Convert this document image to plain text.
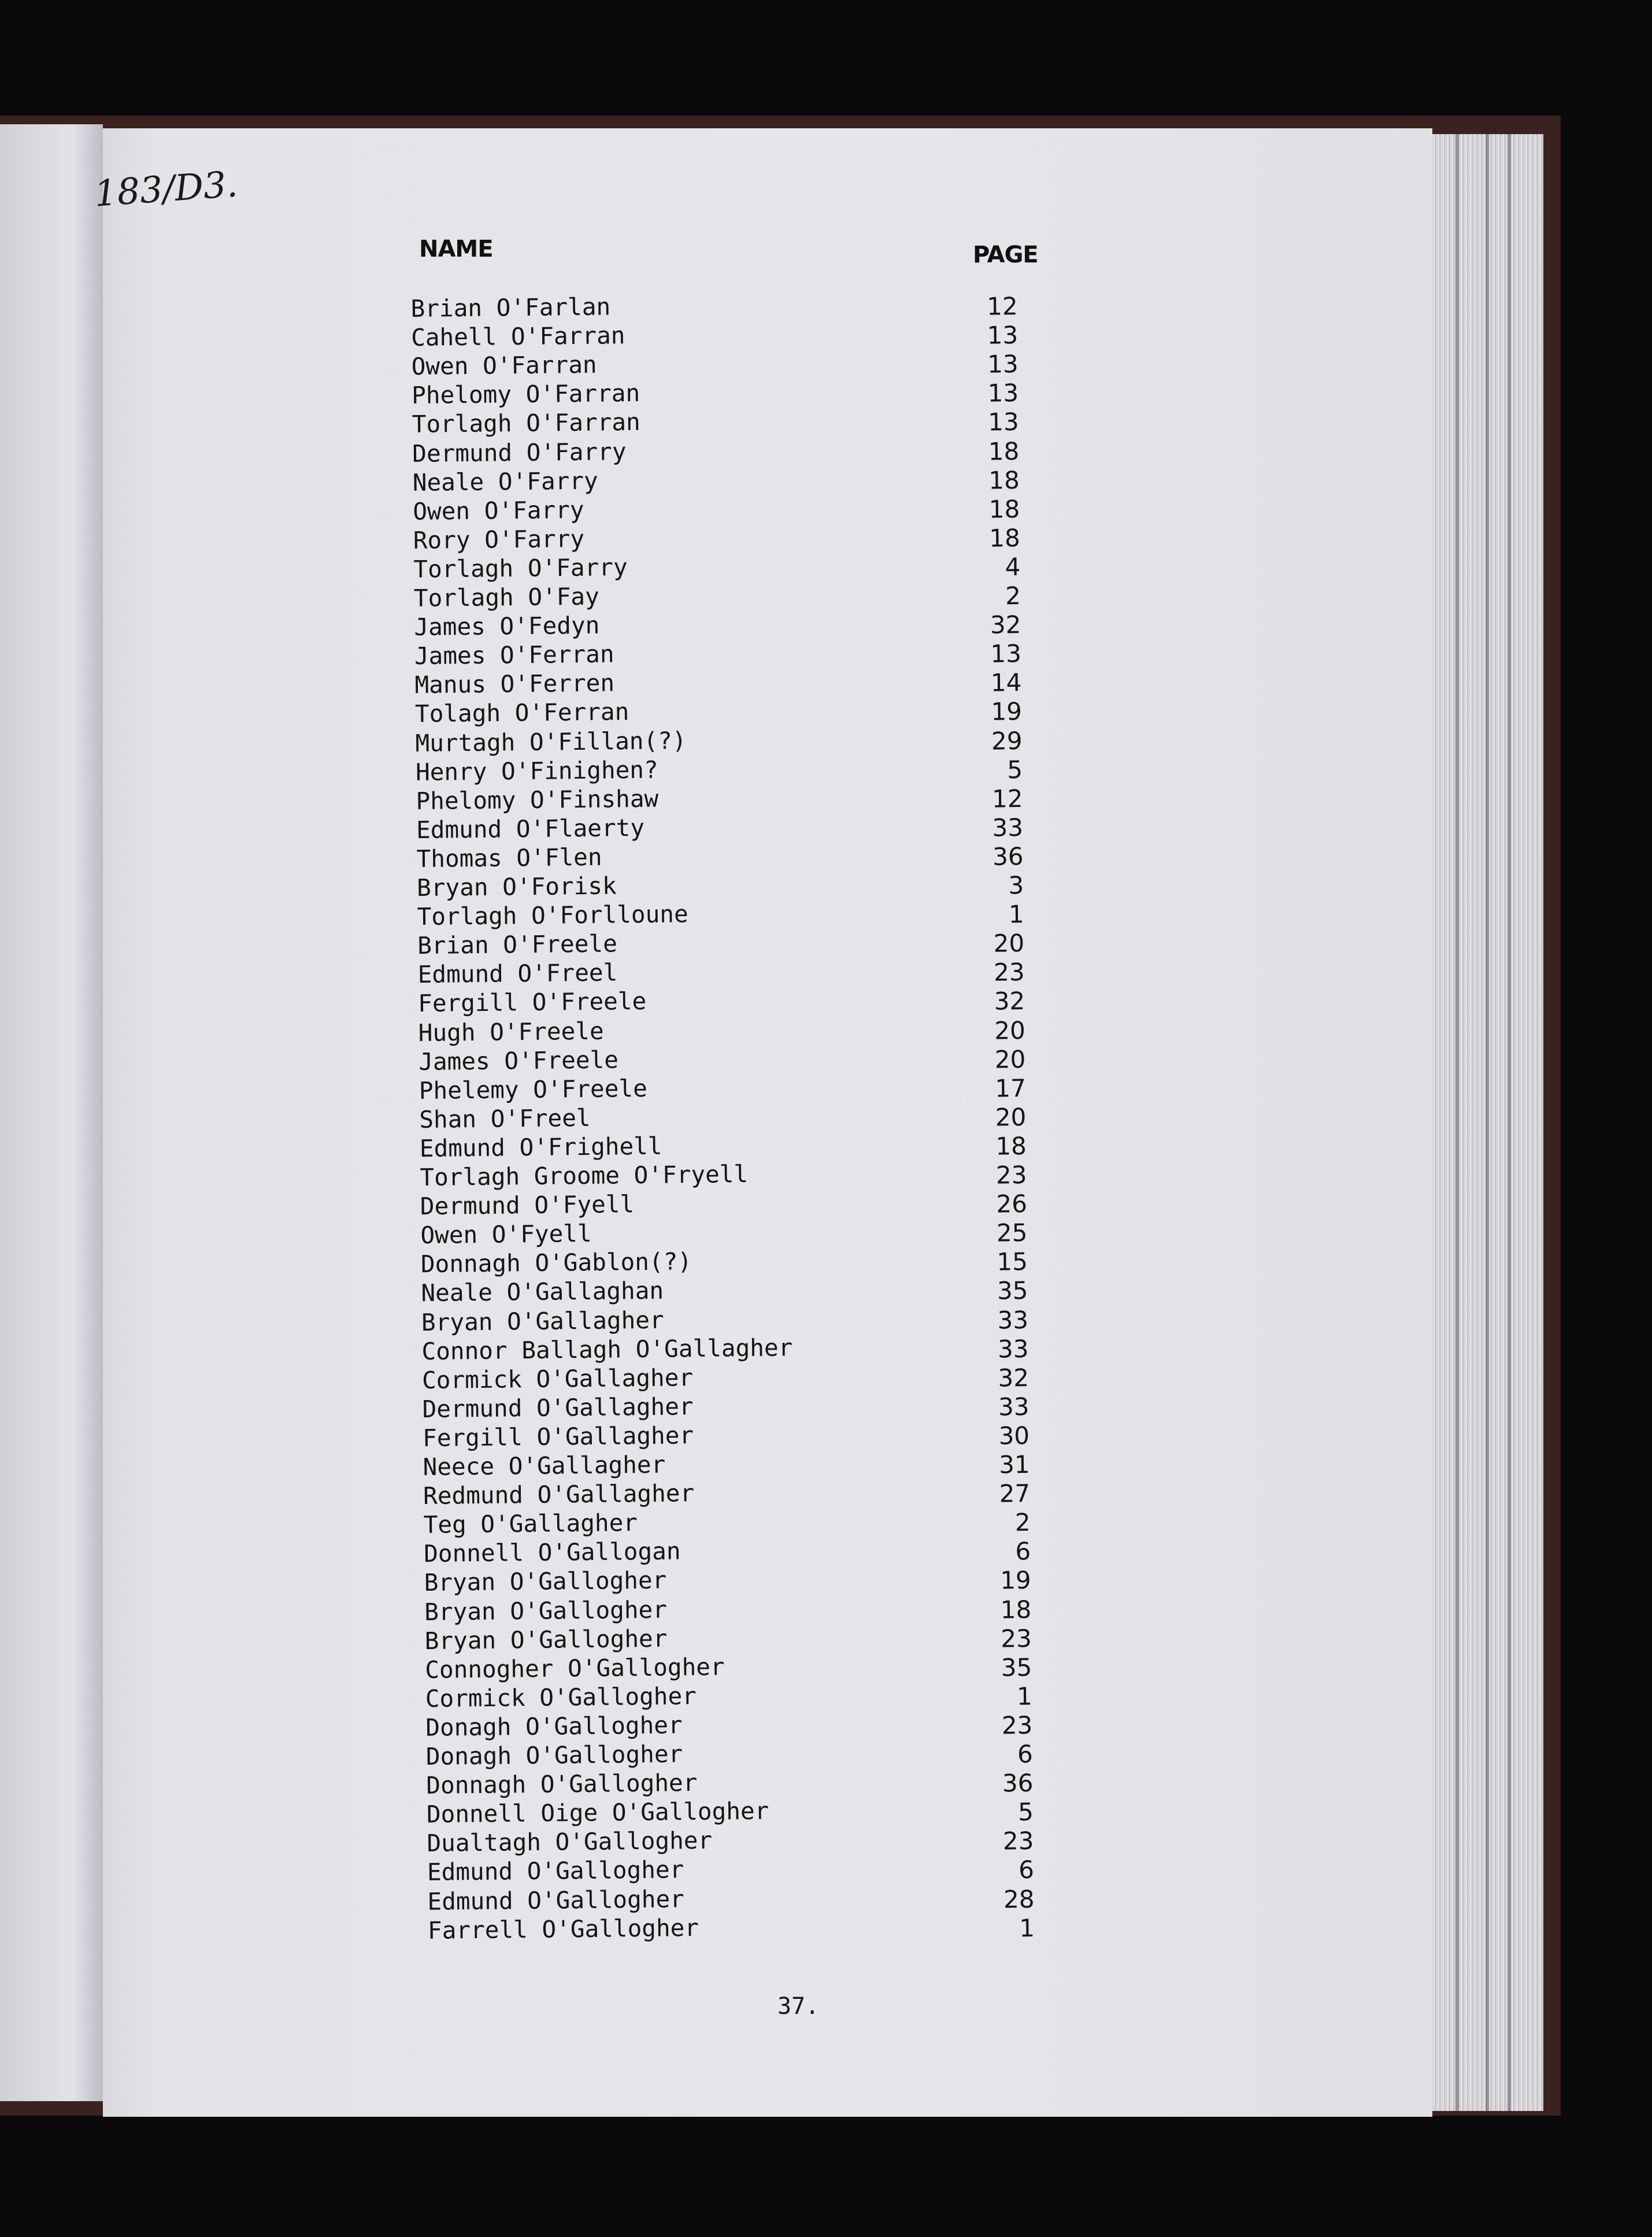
183/D3.
NAME	PAGE
Brian O'Farlan	12
Cahell O'Farran	13
Owen O'Farran	13
Phelomy O'Farran	13
Torlagh O'Farran	13
Dermund O'Farry	18
Neale O'Farry	18
Owen O'Farry	18
Rory O'Farry	18
Torlagh O'Farry	4
Torlagh O'Fay	2
James O'Fedyn	32
James O'Ferran	13
Manus O'Ferren	14
Tolagh O'Ferran	19
Murtagh O'Fillan(?)	29
Henry O'Finighen?	5
Phelomy O'Finshaw	12
Edmund O'Flaerty	33
Thomas O'Flen	36
Bryan O'Forisk	3
Torlagh O'Forlloune	1
Brian O'Freele	20
Edmund O'Freel	23
Fergill O'Freele	32
Hugh O'Freele	20
James O'Freele	20
Phelemy O'Freele	17
Shan O'Freel	20
Edmund O'Frighell	18
Torlagh Groome O'Fryell	23
Dermund O'Fyell	26
Owen O'Fyell	25
Donnagh O'Gablon(?)	15
Neale O'Gallaghan	35
Bryan O'Gallagher	33
Connor Ballagh O'Gallagher	33
Cormick O'Gallagher	32
Dermund O'Gallagher	33
Fergill O'Gallagher	30
Neece O'Gallagher	31
Redmund O'Gallagher	27
Teg O'Gallagher	2
Donnell O'Gallogan	6
Bryan O'Gallogher	19
Bryan O'Gallogher	18
Bryan O'Gallogher	23
Connogher O'Gallogher	35
Cormick O'Gallogher	1
Donagh O'Gallogher	23
Donagh O'Gallogher	6
Donnagh O'Gallogher	36
Donnell Oige O'Gallogher	5
Dualtagh O'Gallogher	23
Edmund O'Gallogher	6
Edmund O'Gallogher	28
Farrell O'Gallogher	1
37.
